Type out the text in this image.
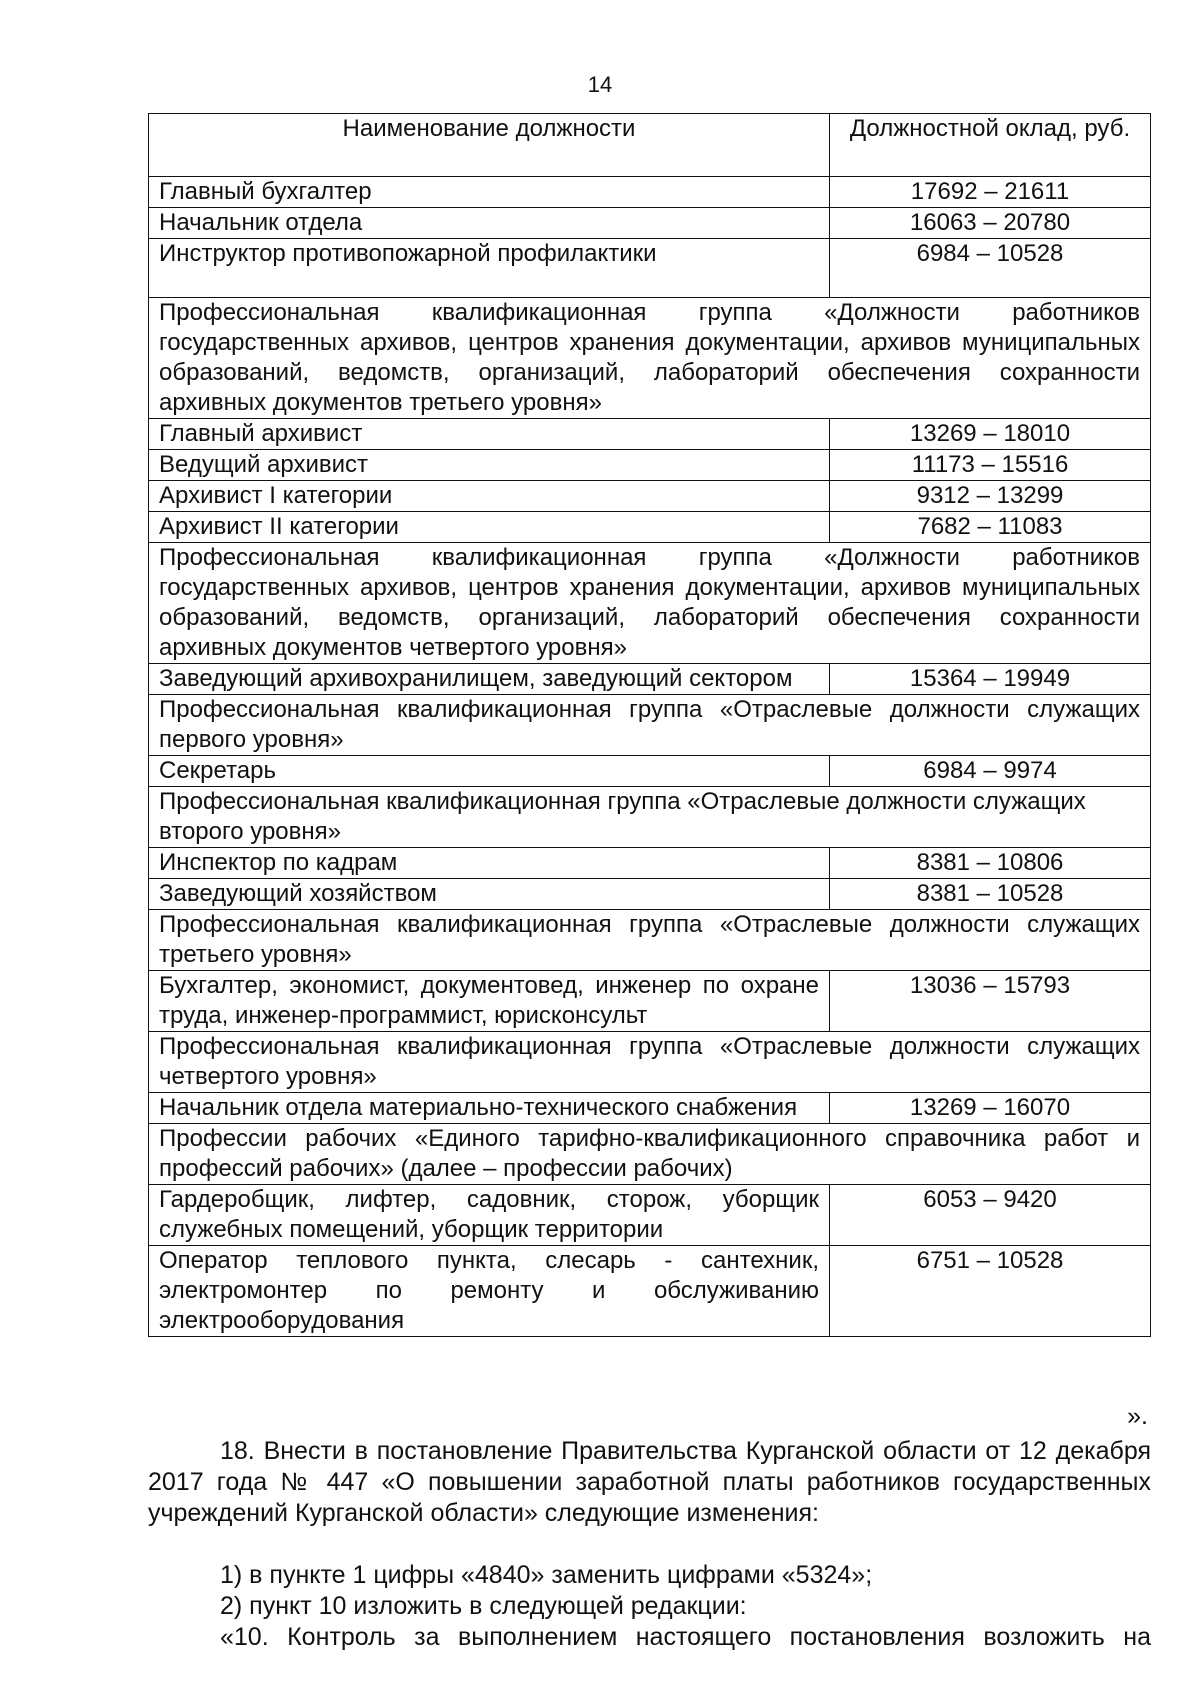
14
Наименование должности	Должностной оклад, руб.
Главный бухгалтер	17692 – 21611
Начальник отдела	16063 – 20780
Инструктор противопожарной профилактики	6984 – 10528
Профессиональная квалификационная группа «Должности работников государственных архивов, центров хранения документации, архивов муниципальных образований, ведомств, организаций, лабораторий обеспечения сохранности архивных документов третьего уровня»	
Главный архивист	13269 – 18010
Ведущий архивист	11173 – 15516
Архивист I категории	9312 – 13299
Архивист II категории	7682 – 11083
Профессиональная квалификационная группа «Должности работников государственных архивов, центров хранения документации, архивов муниципальных образований, ведомств, организаций, лабораторий обеспечения сохранности архивных документов четвертого уровня»	
Заведующий архивохранилищем, заведующий сектором	15364 – 19949
Профессиональная квалификационная группа «Отраслевые должности служащих первого уровня»	
Секретарь	6984 – 9974
Профессиональная квалификационная группа «Отраслевые должности служащих второго уровня»	
Инспектор по кадрам	8381 – 10806
Заведующий хозяйством	8381 – 10528
Профессиональная квалификационная группа «Отраслевые должности служащих третьего уровня»	
Бухгалтер, экономист, документовед, инженер по охране труда, инженер-программист, юрисконсульт	13036 – 15793
Профессиональная квалификационная группа «Отраслевые должности служащих четвертого уровня»	
Начальник отдела материально-технического снабжения	13269 – 16070
Профессии рабочих «Единого тарифно-квалификационного справочника работ и профессий рабочих» (далее – профессии рабочих)	
Гардеробщик, лифтер, садовник, сторож, уборщик служебных помещений, уборщик территории	6053 – 9420
Оператор теплового пункта, слесарь - сантехник, электромонтер по ремонту и обслуживанию электрооборудования	6751 – 10528
».
18. Внести в постановление Правительства Курганской области от 12 декабря 2017 года № 447 «О повышении заработной платы работников государственных учреждений Курганской области» следующие изменения:
1) в пункте 1 цифры «4840» заменить цифрами «5324»;
2) пункт 10 изложить в следующей редакции:
«10. Контроль за выполнением настоящего постановления возложить на
